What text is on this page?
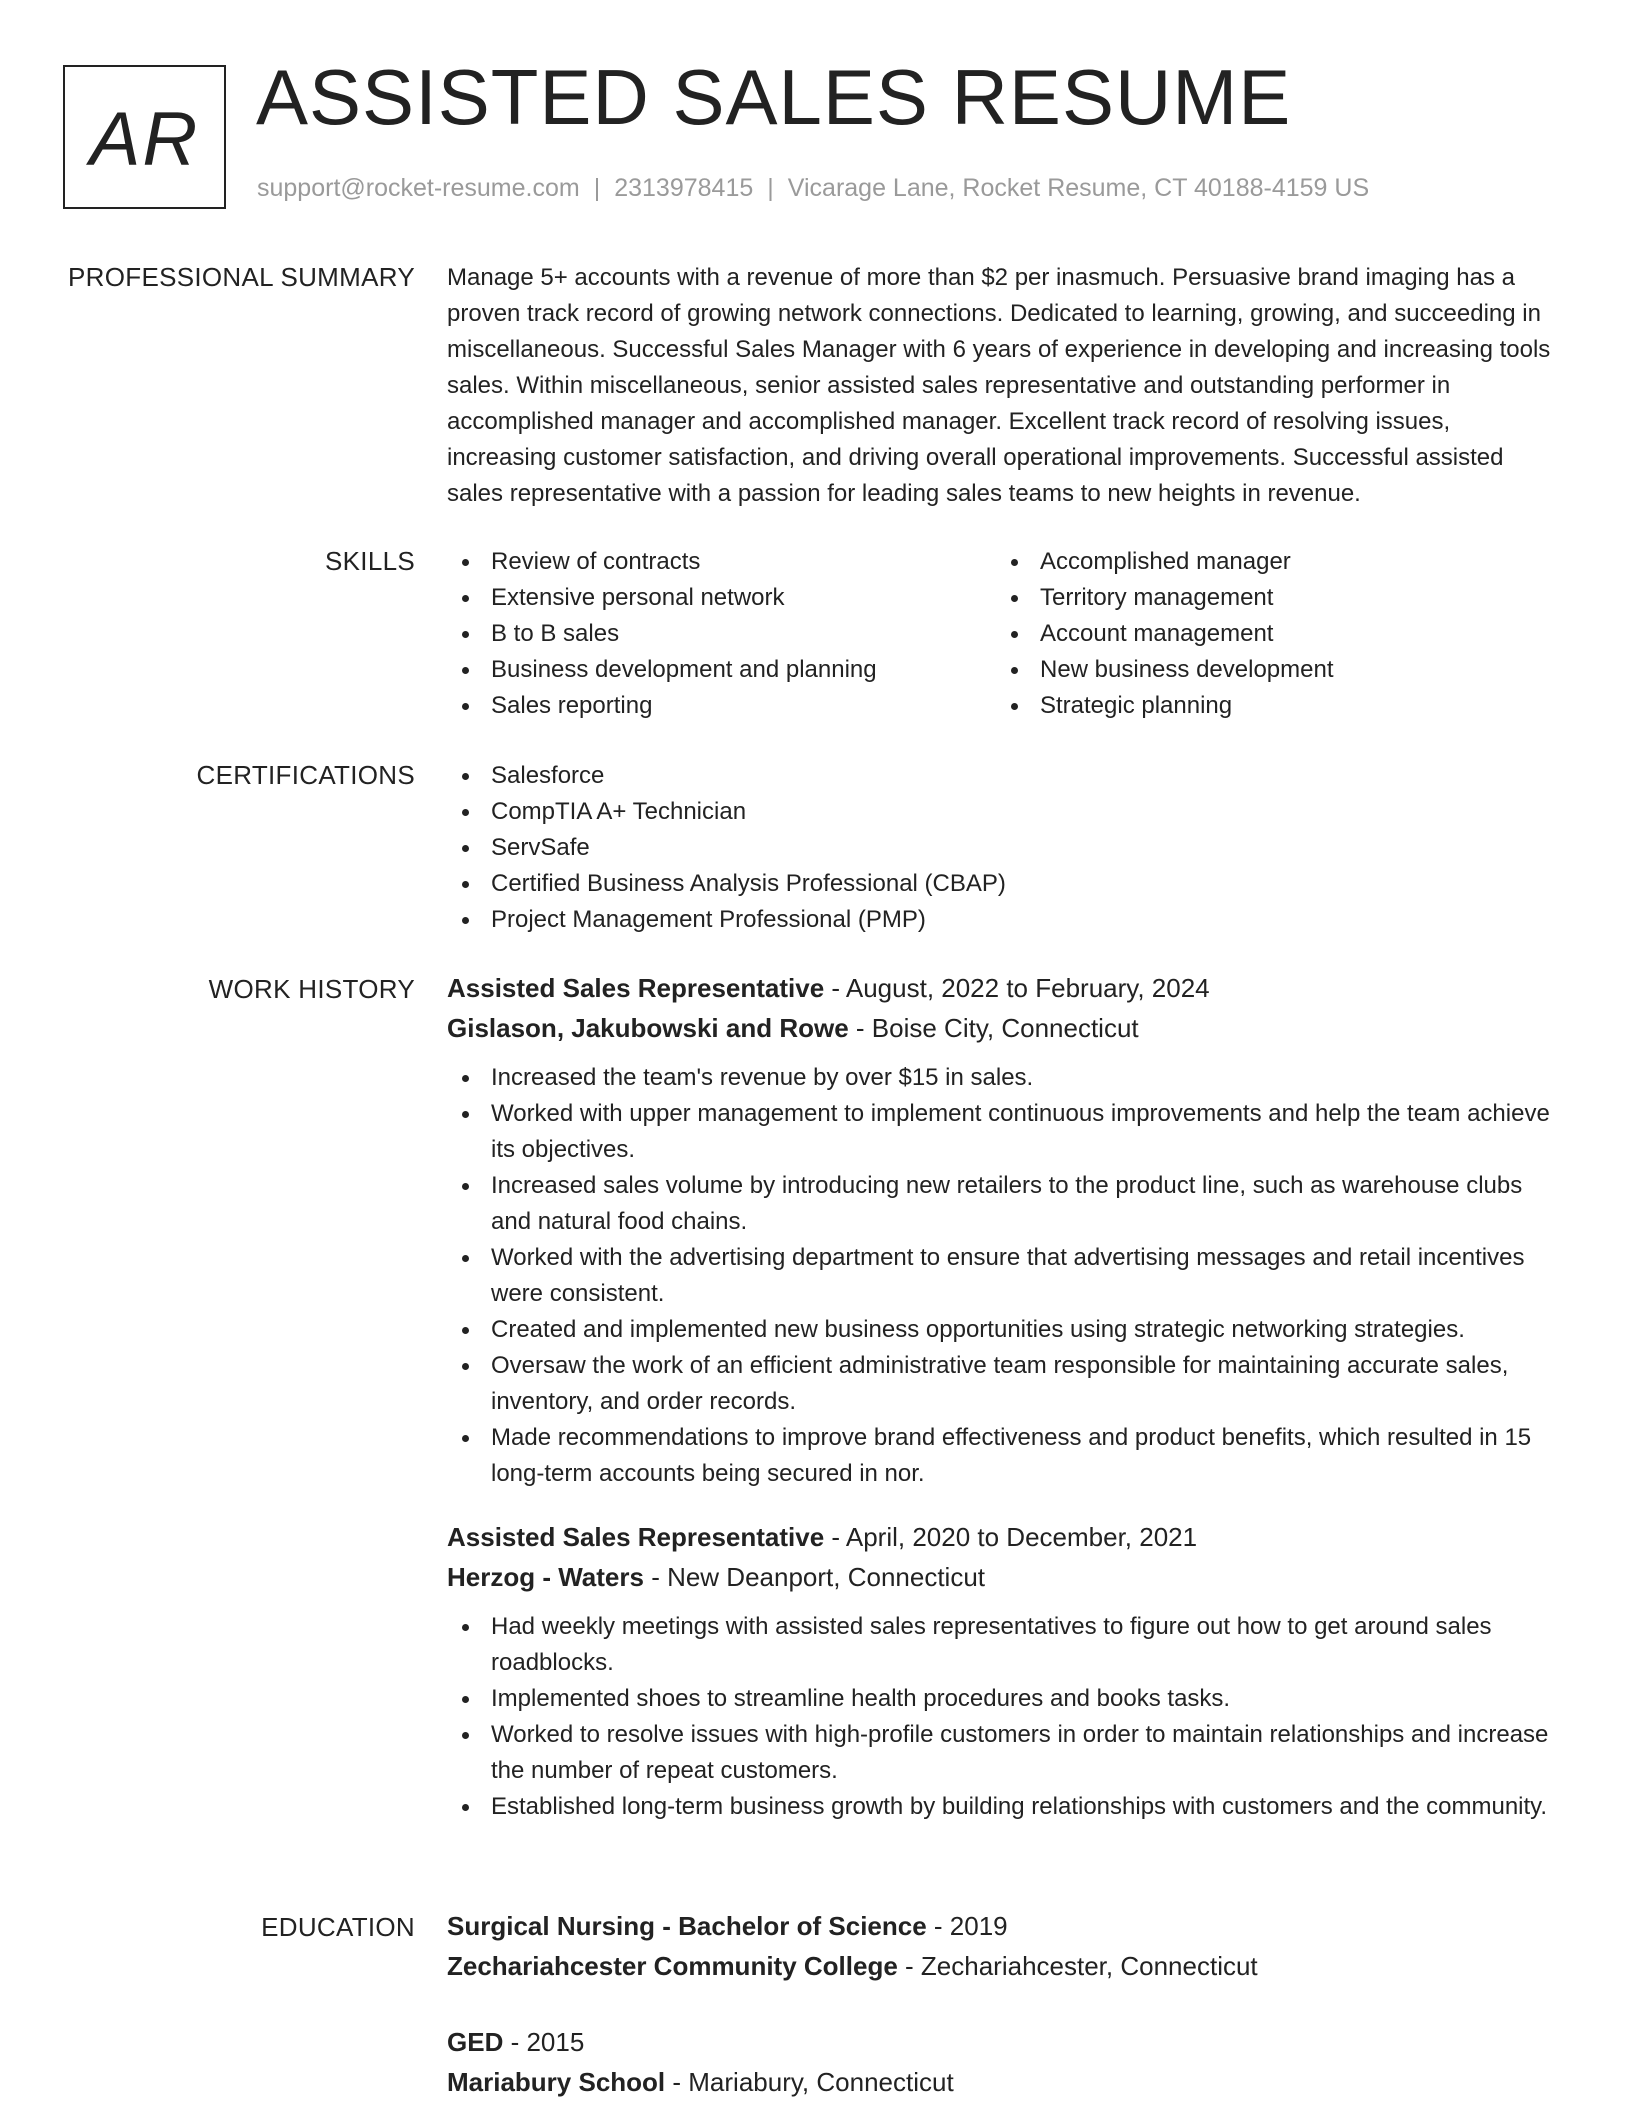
AR ASSISTED SALES RESUME
support@rocket-resume.com | 2313978415 | Vicarage Lane, Rocket Resume, CT 40188-4159 US
PROFESSIONAL SUMMARY Manage 5+ accounts with a revenue of more than $2 per inasmuch. Persuasive brand imaging has a proven track record of growing network connections. Dedicated to learning, growing, and succeeding in miscellaneous. Successful Sales Manager with 6 years of experience in developing and increasing tools sales. Within miscellaneous, senior assisted sales representative and outstanding performer in accomplished manager and accomplished manager. Excellent track record of resolving issues, increasing customer satisfaction, and driving overall operational improvements. Successful assisted sales representative with a passion for leading sales teams to new heights in revenue.
SKILLS	Review of contracts
Extensive personal network
B to B sales
Business development and planning
Sales reporting
Accomplished manager
Territory management
Account management
New business development
Strategic planning
CERTIFICATIONS	Salesforce
CompTIA A+ Technician
ServSafe
Certified Business Analysis Professional (CBAP)
Project Management Professional (PMP)
WORK HISTORY Assisted Sales Representative - August, 2022 to February, 2024
Gislason, Jakubowski and Rowe - Boise City, Connecticut
Increased the team's revenue by over $15 in sales.
Worked with upper management to implement continuous improvements and help the team achieve its objectives.
Increased sales volume by introducing new retailers to the product line, such as warehouse clubs and natural food chains.
Worked with the advertising department to ensure that advertising messages and retail incentives were consistent.
Created and implemented new business opportunities using strategic networking strategies.
Oversaw the work of an efficient administrative team responsible for maintaining accurate sales, inventory, and order records.
Made recommendations to improve brand effectiveness and product benefits, which resulted in 15 long-term accounts being secured in nor.
Assisted Sales Representative - April, 2020 to December, 2021
Herzog - Waters - New Deanport, Connecticut
Had weekly meetings with assisted sales representatives to figure out how to get around sales roadblocks.
Implemented shoes to streamline health procedures and books tasks.
Worked to resolve issues with high-profile customers in order to maintain relationships and increase the number of repeat customers.
Established long-term business growth by building relationships with customers and the community.
EDUCATION Surgical Nursing - Bachelor of Science - 2019
Zechariahcester Community College - Zechariahcester, Connecticut
GED - 2015
Mariabury School - Mariabury, Connecticut
